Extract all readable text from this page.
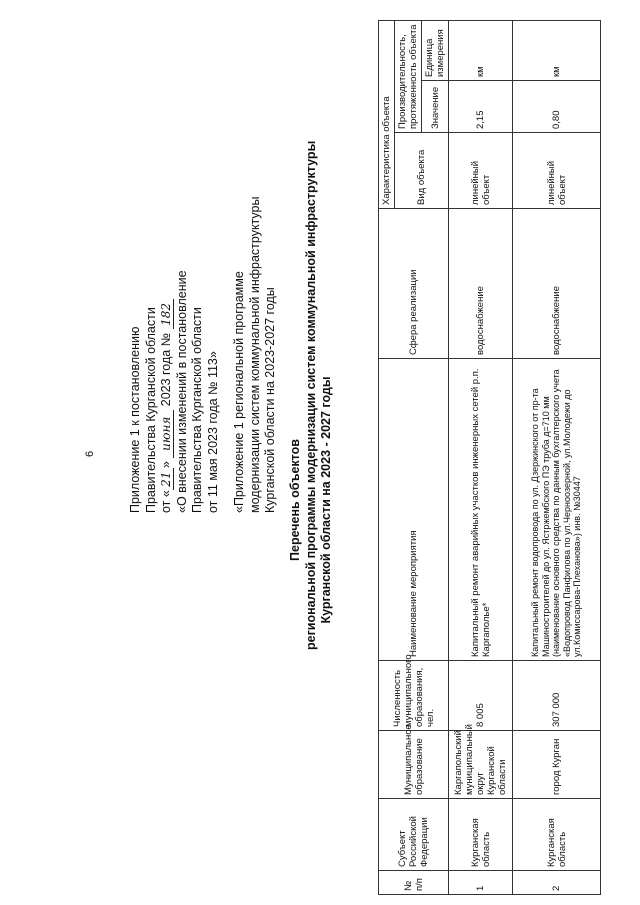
6	Приложение 1 к постановлению Правительства Курганской области от «21» июня 2023 года № 182 «О внесении изменений в постановление Правительства Курганской области от 11 мая 2023 года № 113» «Приложение 1 региональной программе модернизации систем коммунальной инфраструктуры Курганской области на 2023-2027 годы Перечень объектов региональной программы модернизации систем коммунальной инфраструктуры Курганской области на 2023 - 2027 годы
№ п/п	Субъект Российской Федерации	Муниципальное образование	Численность муниципального образования, чел.	Наименование мероприятия	Сфера реализации	Характеристика объекта		
						Вид объекта	Производительность, протяженность объекта	
							Значение	Единица измерения
1	Курганская область	Каргапольский муниципальный округ Курганской области	8 005	Капитальный ремонт аварийных участков инженерных сетей р.п. Каргаполье*	водоснабжение	линейный объект	2,15	км
2	Курганская область	город Курган	307 000	Капитальный ремонт водопровода по ул. Дзержинского от пр-та Машиностроителей до ул. Ястржембского ПЭ труба д=710 мм (наименование основного средства по данным бухгалтерского учета «Водопровод Панфилова по ул.Черноозерной, ул.Молодежи до ул.Комиссарова-Плеханова») инв. №30447	водоснабжение	линейный объект	0,80	км
